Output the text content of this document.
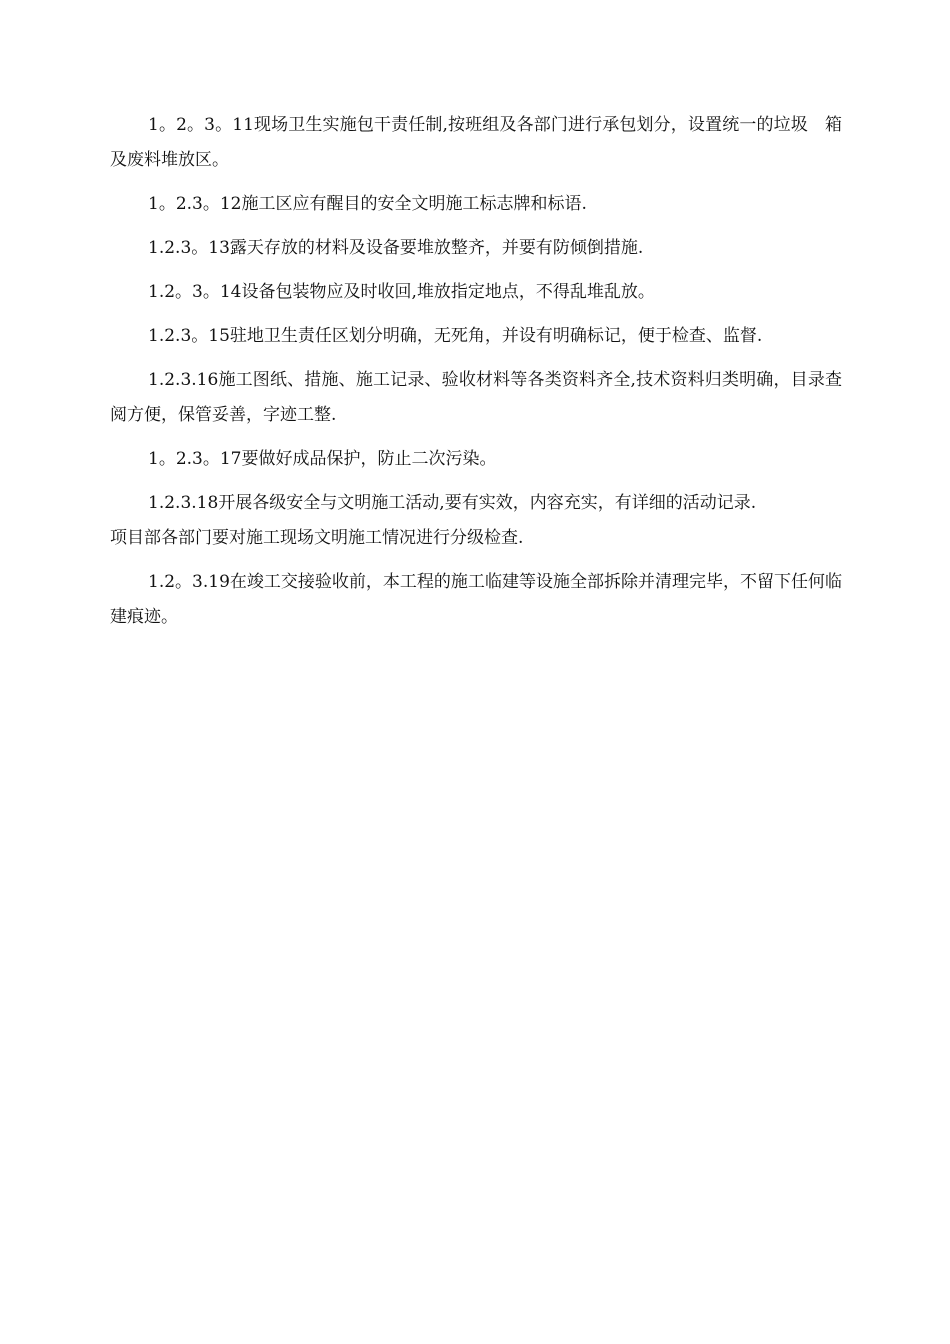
1。2。3。11现场卫生实施包干责任制,按班组及各部门进行承包划分，设置统一的垃圾　箱及废料堆放区。

1。2.3。12施工区应有醒目的安全文明施工标志牌和标语.

1.2.3。13露天存放的材料及设备要堆放整齐，并要有防倾倒措施.

1.2。3。14设备包装物应及时收回,堆放指定地点，不得乱堆乱放。

1.2.3。15驻地卫生责任区划分明确，无死角，并设有明确标记，便于检查、监督.

1.2.3.16施工图纸、措施、施工记录、验收材料等各类资料齐全,技术资料归类明确，目录查阅方便，保管妥善，字迹工整.

1。2.3。17要做好成品保护，防止二次污染。

1.2.3.18开展各级安全与文明施工活动,要有实效，内容充实，有详细的活动记录.

项目部各部门要对施工现场文明施工情况进行分级检查.

1.2。3.19在竣工交接验收前，本工程的施工临建等设施全部拆除并清理完毕，不留下任何临建痕迹。
